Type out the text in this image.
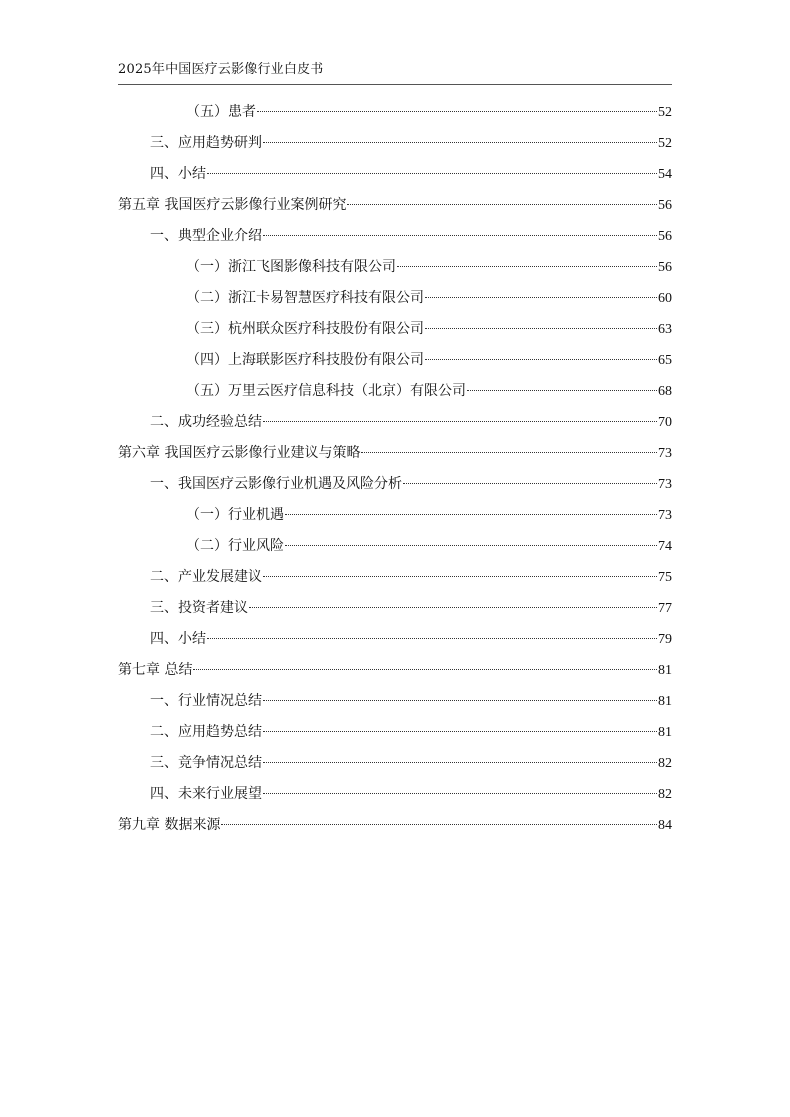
2025年中国医疗云影像行业白皮书
（五）患者	52
三、应用趋势研判	52
四、小结	54
第五章 我国医疗云影像行业案例研究	56
一、典型企业介绍	56
（一）浙江飞图影像科技有限公司	56
（二）浙江卡易智慧医疗科技有限公司	60
（三）杭州联众医疗科技股份有限公司	63
（四）上海联影医疗科技股份有限公司	65
（五）万里云医疗信息科技（北京）有限公司	68
二、成功经验总结	70
第六章 我国医疗云影像行业建议与策略	73
一、我国医疗云影像行业机遇及风险分析	73
（一）行业机遇	73
（二）行业风险	74
二、产业发展建议	75
三、投资者建议	77
四、小结	79
第七章 总结	81
一、行业情况总结	81
二、应用趋势总结	81
三、竞争情况总结	82
四、未来行业展望	82
第九章 数据来源	84
